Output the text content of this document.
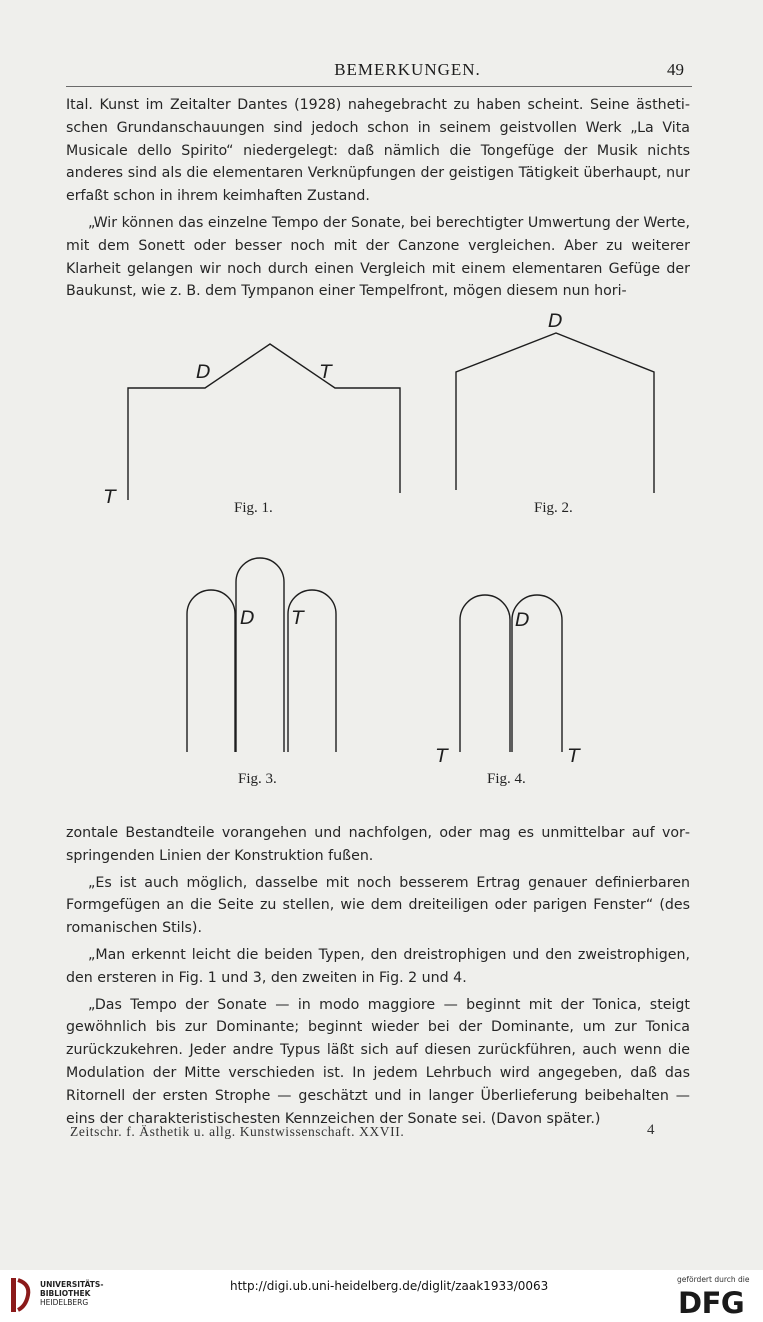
BEMERKUNGEN.	49

Ital. Kunst im Zeitalter Dantes (1928) nahegebracht zu haben scheint. Seine ästhetischen Grundanschauungen sind jedoch schon in seinem geistvollen Werk „La Vita Musicale dello Spirito“ niedergelegt: daß nämlich die Tongefüge der Musik nichts anderes sind als die elementaren Verknüpfungen der geistigen Tätigkeit überhaupt, nur erfaßt schon in ihrem keimhaften Zustand.

„Wir können das einzelne Tempo der Sonate, bei berechtigter Umwertung der Werte, mit dem Sonett oder besser noch mit der Canzone vergleichen. Aber zu weiterer Klarheit gelangen wir noch durch einen Vergleich mit einem elementaren Gefüge der Baukunst, wie z. B. dem Tympanon einer Tempelfront, mögen diesem nun hori-

D	T
T
D
D T	D
T	T
Fig. 1.	Fig. 2.
Fig. 3.	Fig. 4.

zontale Bestandteile vorangehen und nachfolgen, oder mag es unmittelbar auf vorspringenden Linien der Konstruktion fußen.

„Es ist auch möglich, dasselbe mit noch besserem Ertrag genauer definierbaren Formgefügen an die Seite zu stellen, wie dem dreiteiligen oder parigen Fenster“ (des romanischen Stils).

„Man erkennt leicht die beiden Typen, den dreistrophigen und den zweistrophigen, den ersteren in Fig. 1 und 3, den zweiten in Fig. 2 und 4.

„Das Tempo der Sonate — in modo maggiore — beginnt mit der Tonica, steigt gewöhnlich bis zur Dominante; beginnt wieder bei der Dominante, um zur Tonica zurückzukehren. Jeder andre Typus läßt sich auf diesen zurückführen, auch wenn die Modulation der Mitte verschieden ist. In jedem Lehrbuch wird angegeben, daß das Ritornell der ersten Strophe — geschätzt und in langer Überlieferung beibehalten — eins der charakteristischesten Kennzeichen der Sonate sei. (Davon später.)

Zeitschr. f. Ästhetik u. allg. Kunstwissenschaft. XXVII.	4
UNIVERSITÄTS-
BIBLIOTHEK
HEIDELBERG
http://digi.ub.uni-heidelberg.de/diglit/zaak1933/0063	gefördert durch die
DFG
